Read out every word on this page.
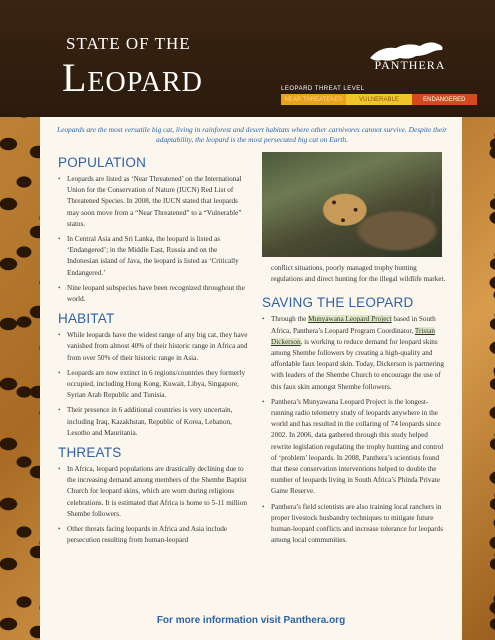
STATE OF THE
Leopard	PANTHERA
LEOPARD THREAT LEVEL
NEAR THREATENED	VULNERABLE	ENDANGERED

Leopards are the most versatile big cat, living in rainforest and desert habitats where other carnivores cannot survive. Despite their adaptability, the leopard is the most persecuted big cat on Earth.

POPULATION
• Leopards are listed as ‘Near Threatened’ on the International Union for the Conservation of Nature (IUCN) Red List of Threatened Species. In 2008, the IUCN stated that leopards may soon move from a “Near Threatened” to a “Vulnerable” status.
• In Central Asia and Sri Lanka, the leopard is listed as ‘Endangered’; in the Middle East, Russia and on the Indonesian island of Java, the leopard is listed as ‘Critically Endangered.’
• Nine leopard subspecies have been recognized throughout the world.
HABITAT
• While leopards have the widest range of any big cat, they have vanished from almost 40% of their historic range in Africa and from over 50% of their historic range in Asia.
• Leopards are now extinct in 6 regions/countries they formerly occupied, including Hong Kong, Kuwait, Libya, Singapore, Syrian Arab Republic and Tunisia.
• Their presence in 6 additional countries is very uncertain, including Iraq, Kazakhstan, Republic of Korea, Lebanon, Lesotho and Mauritania.
THREATS
• In Africa, leopard populations are drastically declining due to the increasing demand among members of the Shembe Baptist Church for leopard skins, which are worn during religious celebrations. It is estimated that Africa is home to 5-11 million Shembe followers.
• Other threats facing leopards in Africa and Asia include persecution resulting from human-leopard
Christian Sperka

conflict situations, poorly managed trophy hunting regulations and direct hunting for the illegal wildlife market.

SAVING THE LEOPARD
• Through the Munyawana Leopard Project based in South Africa, Panthera’s Leopard Program Coordinator, Tristan Dickerson, is working to reduce demand for leopard skins among Shembe followers by creating a high-quality and affordable faux leopard skin. Today, Dickerson is partnering with leaders of the Shembe Church to encourage the use of this faux skin amongst Shembe followers.
• Panthera’s Munyawana Leopard Project is the longest-running radio telemetry study of leopards anywhere in the world and has resulted in the collaring of 74 leopards since 2002. In 2006, data gathered through this study helped rewrite legislation regulating the trophy hunting and control of ‘problem’ leopards. In 2008, Panthera’s scientists found that these conservation interventions helped to double the number of leopards living in South Africa’s Phinda Private Game Reserve.
• Panthera’s field scientists are also training local ranchers in proper livestock husbandry techniques to mitigate future human-leopard conflicts and increase tolerance for leopards among local communities.
For more information visit Panthera.org
